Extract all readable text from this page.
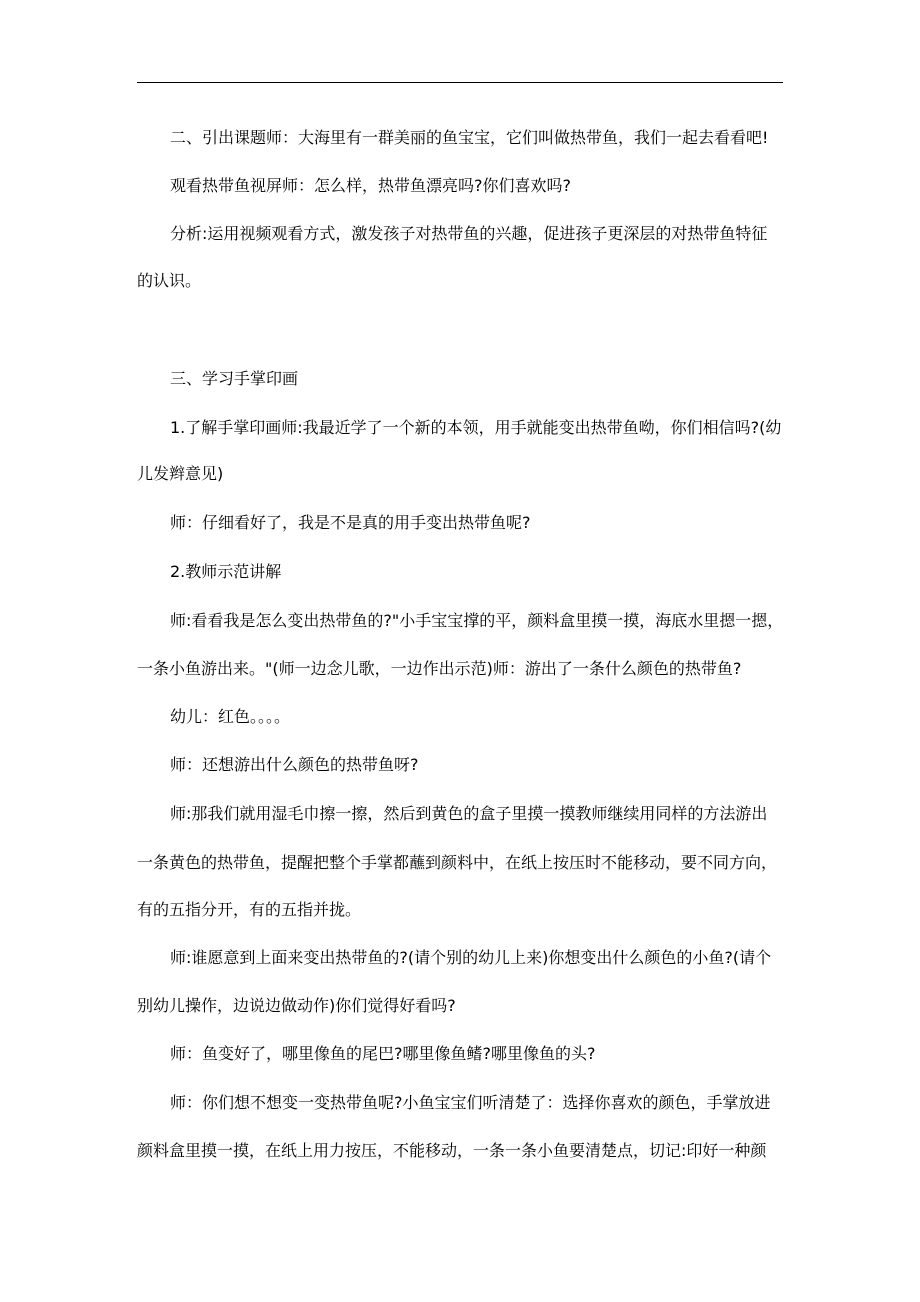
二、引出课题师：大海里有一群美丽的鱼宝宝，它们叫做热带鱼，我们一起去看看吧!
观看热带鱼视屏师：怎么样，热带鱼漂亮吗?你们喜欢吗?
分析:运用视频观看方式，激发孩子对热带鱼的兴趣，促进孩子更深层的对热带鱼特征
的认识。
三、学习手掌印画
1.了解手掌印画师:我最近学了一个新的本领，用手就能变出热带鱼呦，你们相信吗?(幼
儿发辫意见)
师：仔细看好了，我是不是真的用手变出热带鱼呢?
2.教师示范讲解
师:看看我是怎么变出热带鱼的?"小手宝宝撑的平，颜料盒里摸一摸，海底水里摁一摁，
一条小鱼游出来。"(师一边念儿歌，一边作出示范)师：游出了一条什么颜色的热带鱼?
幼儿：红色。。。。
师：还想游出什么颜色的热带鱼呀?
师:那我们就用湿毛巾擦一擦，然后到黄色的盒子里摸一摸教师继续用同样的方法游出
一条黄色的热带鱼，提醒把整个手掌都蘸到颜料中，在纸上按压时不能移动，要不同方向，
有的五指分开，有的五指并拢。
师:谁愿意到上面来变出热带鱼的?(请个别的幼儿上来)你想变出什么颜色的小鱼?(请个
别幼儿操作，边说边做动作)你们觉得好看吗?
师：鱼变好了，哪里像鱼的尾巴?哪里像鱼鳍?哪里像鱼的头?
师：你们想不想变一变热带鱼呢?小鱼宝宝们听清楚了：选择你喜欢的颜色，手掌放进
颜料盒里摸一摸，在纸上用力按压，不能移动，一条一条小鱼要清楚点，切记:印好一种颜
